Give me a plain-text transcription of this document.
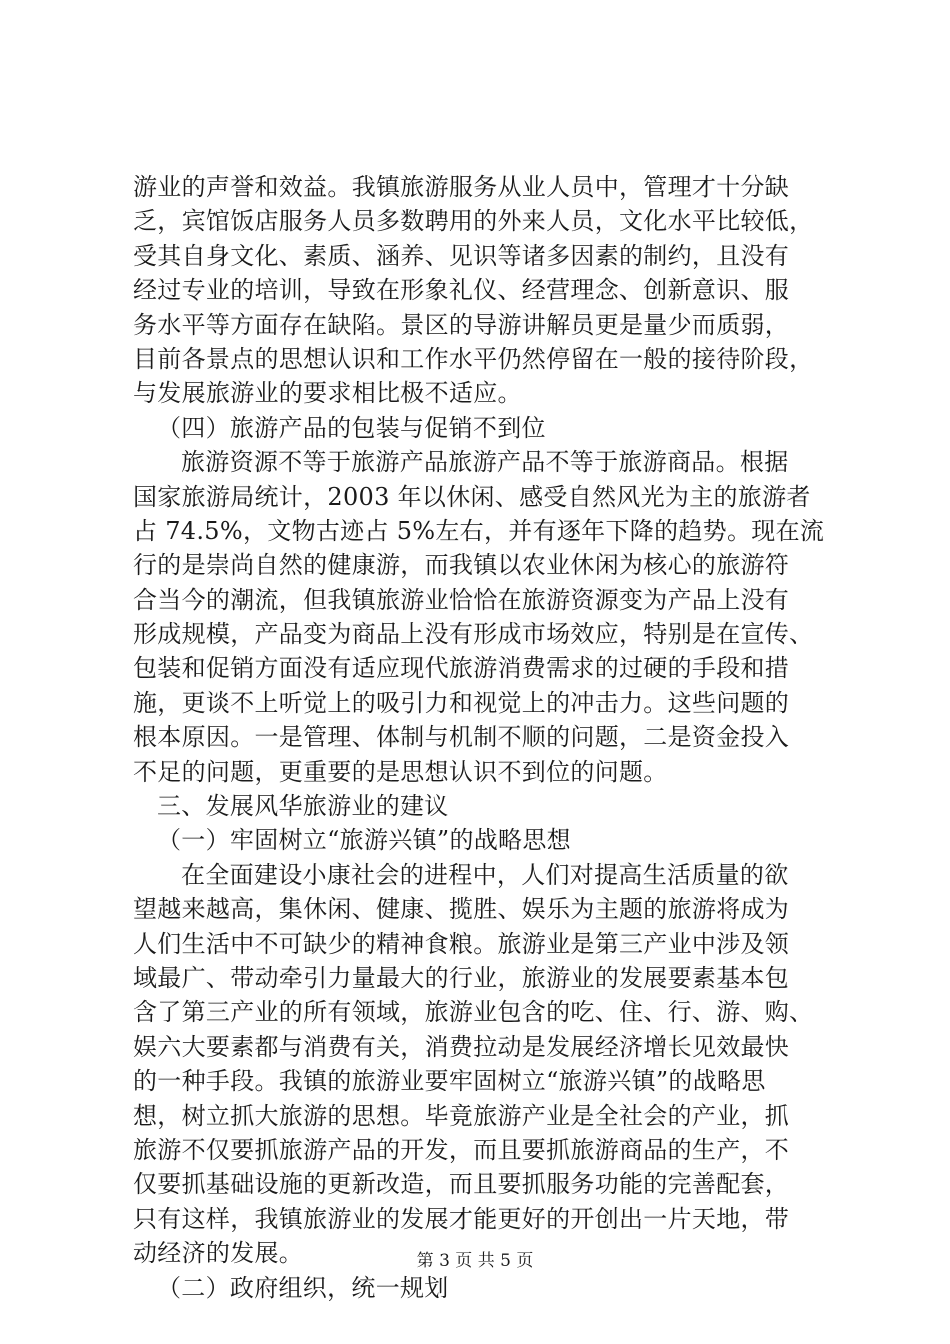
游业的声誉和效益。我镇旅游服务从业人员中，管理才十分缺
乏，宾馆饭店服务人员多数聘用的外来人员，文化水平比较低，
受其自身文化、素质、涵养、见识等诸多因素的制约，且没有
经过专业的培训，导致在形象礼仪、经营理念、创新意识、服
务水平等方面存在缺陷。景区的导游讲解员更是量少而质弱，
目前各景点的思想认识和工作水平仍然停留在一般的接待阶段，
与发展旅游业的要求相比极不适应。
（四）旅游产品的包装与促销不到位
旅游资源不等于旅游产品旅游产品不等于旅游商品。根据
国家旅游局统计，2003 年以休闲、感受自然风光为主的旅游者
占 74.5%，文物古迹占 5%左右，并有逐年下降的趋势。现在流
行的是崇尚自然的健康游，而我镇以农业休闲为核心的旅游符
合当今的潮流，但我镇旅游业恰恰在旅游资源变为产品上没有
形成规模，产品变为商品上没有形成市场效应，特别是在宣传、
包装和促销方面没有适应现代旅游消费需求的过硬的手段和措
施，更谈不上听觉上的吸引力和视觉上的冲击力。这些问题的
根本原因。一是管理、体制与机制不顺的问题，二是资金投入
不足的问题，更重要的是思想认识不到位的问题。
三、发展风华旅游业的建议
（一）牢固树立“旅游兴镇”的战略思想
在全面建设小康社会的进程中，人们对提高生活质量的欲
望越来越高，集休闲、健康、揽胜、娱乐为主题的旅游将成为
人们生活中不可缺少的精神食粮。旅游业是第三产业中涉及领
域最广、带动牵引力量最大的行业，旅游业的发展要素基本包
含了第三产业的所有领域，旅游业包含的吃、住、行、游、购、
娱六大要素都与消费有关，消费拉动是发展经济增长见效最快
的一种手段。我镇的旅游业要牢固树立“旅游兴镇”的战略思
想，树立抓大旅游的思想。毕竟旅游产业是全社会的产业，抓
旅游不仅要抓旅游产品的开发，而且要抓旅游商品的生产，不
仅要抓基础设施的更新改造，而且要抓服务功能的完善配套，
只有这样，我镇旅游业的发展才能更好的开创出一片天地，带
动经济的发展。
（二）政府组织，统一规划
第 3 页 共 5 页
